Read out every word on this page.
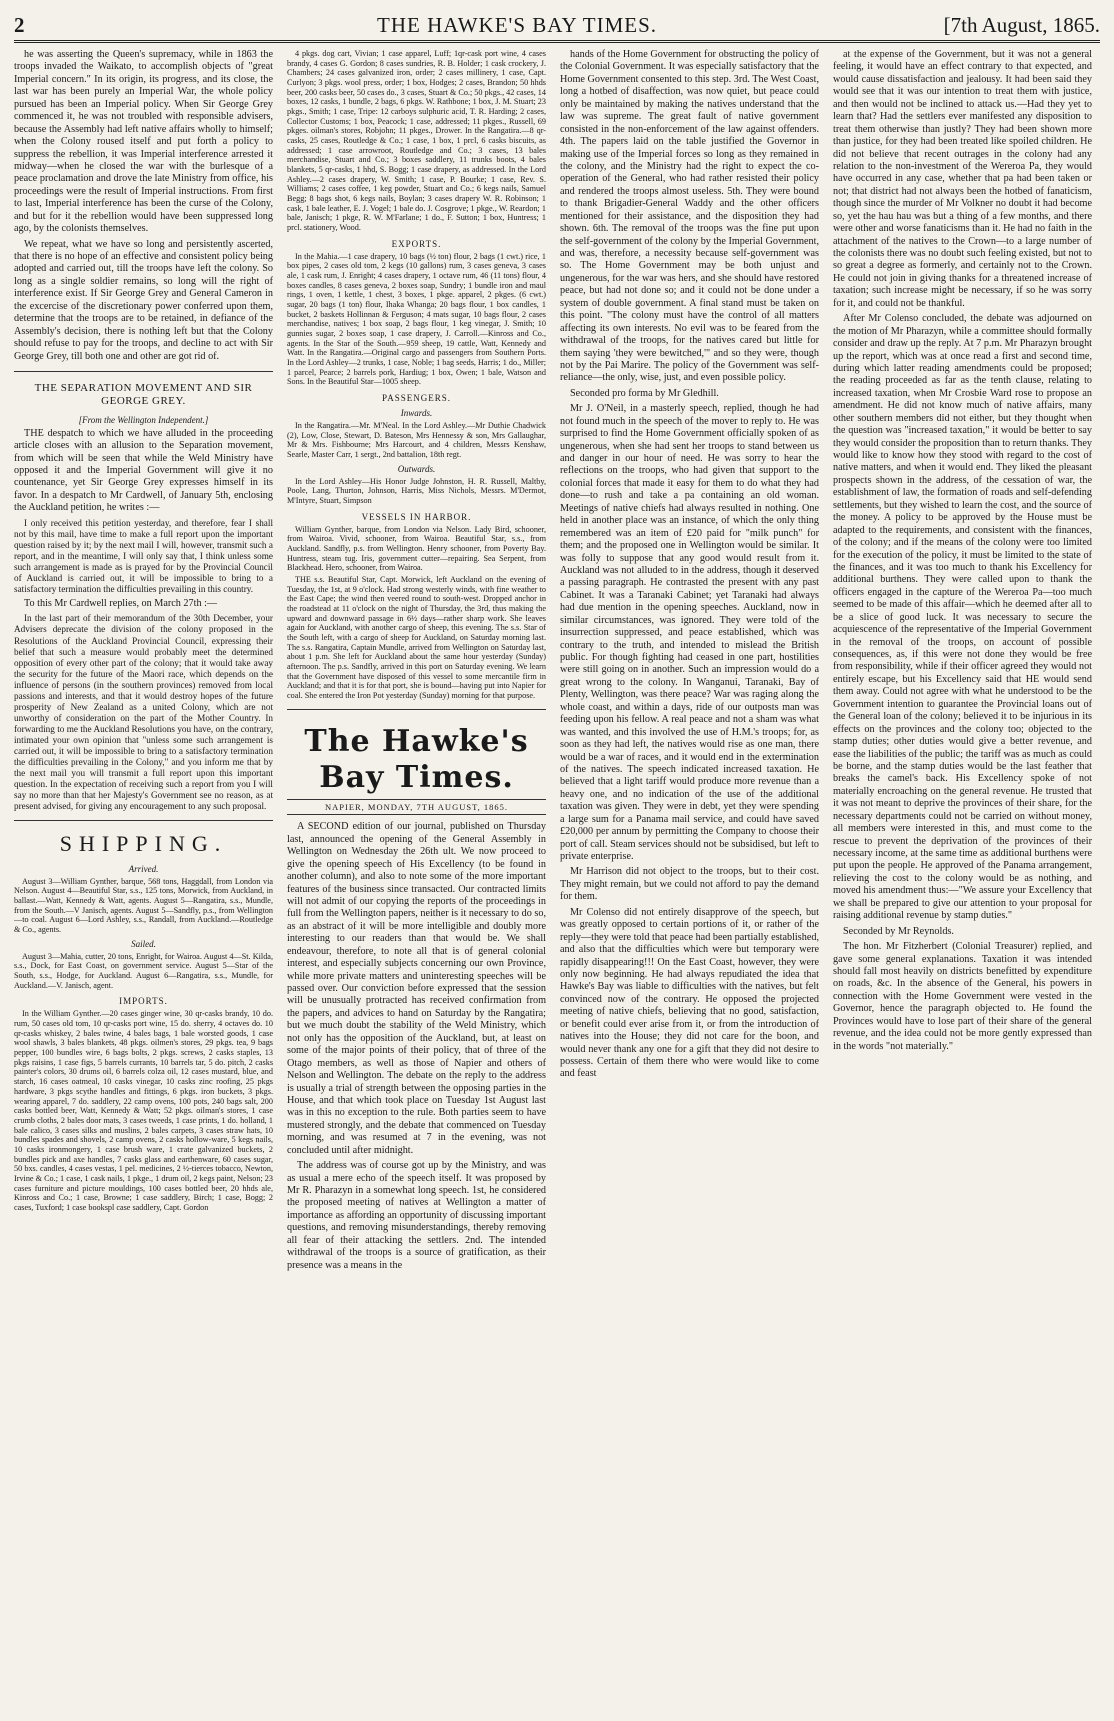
2	THE HAWKE'S BAY TIMES.	[7th August, 1865.

he was asserting the Queen's supremacy, while in 1863 the troops invaded the Waikato, to accomplish objects of "great Imperial concern." In its origin, its progress, and its close, the last war has been purely an Imperial War, the whole policy pursued has been an Imperial policy. When Sir George Grey commenced it, he was not troubled with responsible advisers, because the Assembly had left native affairs wholly to himself; when the Colony roused itself and put forth a policy to suppress the rebellion, it was Imperial interference arrested it midway—when he closed the war with the burlesque of a peace proclamation and drove the late Ministry from office, his proceedings were the result of Imperial instructions. From first to last, Imperial interference has been the curse of the Colony, and but for it the rebellion would have been suppressed long ago, by the colonists themselves.

We repeat, what we have so long and persistently ascerted, that there is no hope of an effective and consistent policy being adopted and carried out, till the troops have left the colony. So long as a single soldier remains, so long will the right of interference exist. If Sir George Grey and General Cameron in the excercise of the discretionary power conferred upon them, determine that the troops are to be retained, in defiance of the Assembly's decision, there is nothing left but that the Colony should refuse to pay for the troops, and decline to act with Sir George Grey, till both one and other are got rid of.

THE SEPARATION MOVEMENT AND SIR GEORGE GREY.
[From the Wellington Independent.]

THE despatch to which we have alluded in the proceeding article closes with an allusion to the Separation movement, from which will be seen that while the Weld Ministry have opposed it and the Imperial Government will give it no countenance, yet Sir George Grey expresses himself in its favor. In a despatch to Mr Cardwell, of January 5th, enclosing the Auckland petition, he writes :—

I only received this petition yesterday, and therefore, fear I shall not by this mail, have time to make a full report upon the important question raised by it; by the next mail I will, however, transmit such a report, and in the meantime, I will only say that, I think unless some such arrangement is made as is prayed for by the Provincial Council of Auckland is carried out, it will be impossible to bring to a satisfactory termination the difficulties prevailing in this country.

To this Mr Cardwell replies, on March 27th :—

In the last part of their memorandum of the 30th December, your Advisers deprecate the division of the colony proposed in the Resolutions of the Auckland Provincial Council, expressing their belief that such a measure would probably meet the determined opposition of every other part of the colony; that it would take away the security for the future of the Maori race, which depends on the influence of persons (in the southern provinces) removed from local passions and interests, and that it would destroy hopes of the future prosperity of New Zealand as a united Colony, which are not unworthy of consideration on the part of the Mother Country. In forwarding to me the Auckland Resolutions you have, on the contrary, intimated your own opinion that "unless some such arrangement is carried out, it will be impossible to bring to a satisfactory termination the difficulties prevailing in the Colony," and you inform me that by the next mail you will transmit a full report upon this important question. In the expectation of receiving such a report from you I will say no more than that her Majesty's Government see no reason, as at present advised, for giving any encouragement to any such proposal.

SHIPPING.
Arrived.

August 3—William Gynther, barque, 568 tons, Haggdall, from London via Nelson. August 4—Beautiful Star, s.s., 125 tons, Morwick, from Auckland, in ballast.—Watt, Kennedy & Watt, agents. August 5—Rangatira, s.s., Mundle, from the South.—V Janisch, agents. August 5—Sandfly, p.s., from Wellington—to coal. August 6—Lord Ashley, s.s., Randall, from Auckland.—Routledge & Co., agents.

Sailed.

August 3—Mahia, cutter, 20 tons, Enright, for Wairoa. August 4—St. Kilda, s.s., Dock, for East Coast, on government service. August 5—Star of the South, s.s., Hodge, for Auckland. August 6—Rangatira, s.s., Mundle, for Auckland.—V. Janisch, agent.

IMPORTS.

In the William Gynther.—20 cases ginger wine, 30 qr-casks brandy, 10 do. rum, 50 cases old tom, 10 qr-casks port wine, 15 do. sherry, 4 octaves do. 10 qr-casks whiskey, 2 bales twine, 4 bales bags, 1 bale worsted goods, 1 case wool shawls, 3 bales blankets, 48 pkgs. oilmen's stores, 29 pkgs. tea, 9 bags pepper, 100 bundles wire, 6 bags bolts, 2 pkgs. screws, 2 casks staples, 13 pkgs raisins, 1 case figs, 5 barrels currants, 10 barrels tar, 5 do. pitch, 2 casks painter's colors, 30 drums oil, 6 barrels colza oil, 12 cases mustard, blue, and starch, 16 cases oatmeal, 10 casks vinegar, 10 casks zinc roofing, 25 pkgs hardware, 3 pkgs scythe handles and fittings, 6 pkgs. iron buckets, 3 pkgs. wearing apparel, 7 do. saddlery, 22 camp ovens, 100 pots, 240 bags salt, 200 casks bottled beer, Watt, Kennedy & Watt; 52 pkgs. oilman's stores, 1 case crumb cloths, 2 bales door mats, 3 cases tweeds, 1 case prints, 1 do. holland, 1 bale calico, 3 cases silks and muslins, 2 bales carpets, 3 cases straw hats, 10 bundles spades and shovels, 2 camp ovens, 2 casks hollow-ware, 5 kegs nails, 10 casks ironmongery, 1 case brush ware, 1 crate galvanized buckets, 2 bundles pick and axe handles, 7 casks glass and earthenware, 60 cases sugar, 50 bxs. candles, 4 cases vestas, 1 pel. medicines, 2 ½-tierces tobacco, Newton, Irvine & Co.; 1 case, 1 cask nails, 1 pkge., 1 drum oil, 2 kegs paint, Nelson; 23 cases furniture and picture mouldings, 100 cases bottled beer, 20 hhds ale, Kinross and Co.; 1 case, Browne; 1 case saddlery, Birch; 1 case, Bogg; 2 cases, Tuxford; 1 case bookspl case saddlery, Capt. Gordon

4 pkgs. dog cart, Vivian; 1 case apparel, Luff; 1qr-cask port wine, 4 cases brandy, 4 cases G. Gordon; 8 cases sundries, R. B. Holder; 1 cask crockery, J. Chambers; 24 cases galvanized iron, order; 2 cases millinery, 1 case, Capt. Curlyon; 3 pkgs. wool press, order; 1 box, Hodges; 2 cases, Brandon; 50 hhds beer, 200 casks beer, 50 cases do., 3 cases, Stuart & Co.; 50 pkgs., 42 cases, 14 boxes, 12 casks, 1 bundle, 2 bags, 6 pkgs. W. Rathbone; 1 box, J. M. Stuart; 23 pkgs., Smith; 1 case, Tripe: 12 carboys sulphuric acid, T. R. Harding; 2 cases, Collector Customs; 1 box, Peacock; 1 case, addressed; 11 pkges., Russell, 69 pkges. oilman's stores, Robjohn; 11 pkges., Drower. In the Rangatira.—8 qr-casks, 25 cases, Routledge & Co.; 1 case, 1 box, 1 prcl, 6 casks biscuits, as addressed; 1 case arrowroot, Routledge and Co.; 3 cases, 13 bales merchandise, Stuart and Co.; 3 boxes saddlery, 11 trunks boots, 4 bales blankets, 5 qr-casks, 1 hhd, S. Bogg; 1 case drapery, as addressed. In the Lord Ashley.—2 cases drapery, W. Smith; 1 case, P. Bourke; 1 case, Rev. S. Williams; 2 cases coffee, 1 keg powder, Stuart and Co.; 6 kegs nails, Samuel Begg; 8 bags shot, 6 kegs nails, Boylan; 3 cases drapery W. R. Robinson; 1 cask, 1 bale leather, E. J. Vogel; 1 bale do. J. Cosgrove; 1 pkge., W. Reardon; 1 bale, Janisch; 1 pkge, R. W. M'Farlane; 1 do., F. Sutton; 1 box, Huntress; 1 prcl. stationery, Wood.

EXPORTS.

In the Mahia.—1 case drapery, 10 bags (½ ton) flour, 2 bags (1 cwt.) rice, 1 box pipes, 2 cases old tom, 2 kegs (10 gallons) rum, 3 cases geneva, 3 cases ale, 1 cask rum, J. Enright; 4 cases drapery, 1 octave rum, 46 (11 tons) flour, 4 boxes candles, 8 cases geneva, 2 boxes soap, Sundry; 1 bundle iron and maul rings, 1 oven, 1 kettle, 1 chest, 3 boxes, 1 pkge. apparel, 2 pkges. (6 cwt.) sugar, 20 bags (1 ton) flour, Ihaka Whanga; 20 bags flour, 1 box candles, 1 bucket, 2 baskets Hollinnan & Ferguson; 4 mats sugar, 10 bags flour, 2 cases merchandise, natives; 1 box soap, 2 bags flour, 1 keg vinegar, J. Smith; 10 gunnies sugar, 2 boxes soap, 1 case drapery, J. Carroll.—Kinross and Co., agents. In the Star of the South.—959 sheep, 19 cattle, Watt, Kennedy and Watt. In the Rangatira.—Original cargo and passengers from Southern Ports. In the Lord Ashley—2 trunks, 1 case, Noble; 1 bag seeds, Harris; 1 do., Miller; 1 parcel, Pearce; 2 barrels pork, Hardiug; 1 box, Owen; 1 bale, Watson and Sons. In the Beautiful Star—1005 sheep.

PASSENGERS.
Inwards.

In the Rangatira.—Mr. M'Neal. In the Lord Ashley.—Mr Duthie Chadwick (2), Low, Close, Stewart, D. Bateson, Mrs Hennessy & son, Mrs Gallaughar, Mr & Mrs. Fishbourne; Mrs Harcourt, and 4 children, Messrs Kenshaw, Searle, Master Carr, 1 sergt., 2nd battalion, 18th regt.

Outwards.

In the Lord Ashley—His Honor Judge Johnston, H. R. Russell, Maltby, Poole, Lang, Thurton, Johnson, Harris, Miss Nichols, Messrs. M'Dermot, M'Intyre, Stuart, Simpson

VESSELS IN HARBOR.

William Gynther, barque, from London via Nelson. Lady Bird, schooner, from Wairoa. Vivid, schooner, from Wairoa. Beautiful Star, s.s., from Auckland. Sandfly, p.s. from Wellington. Henry schooner, from Poverty Bay. Huntress, steam tug. Iris, government cutter—repairing. Sea Serpent, from Blackhead. Hero, schooner, from Wairoa.

THE s.s. Beautiful Star, Capt. Morwick, left Auckland on the evening of Tuesday, the 1st, at 9 o'clock. Had strong westerly winds, with fine weather to the East Cape; the wind then veered round to south-west. Dropped anchor in the roadstead at 11 o'clock on the night of Thursday, the 3rd, thus making the upward and downward passage in 6½ days—rather sharp work. She leaves again for Auckland, with another cargo of sheep, this evening. The s.s. Star of the South left, with a cargo of sheep for Auckland, on Saturday morning last. The s.s. Rangatira, Captain Mundle, arrived from Wellington on Saturday last, about 1 p.m. She left for Auckland about the same hour yesterday (Sunday) afternoon. The p.s. Sandfly, arrived in this port on Saturday evening. We learn that the Government have disposed of this vessel to some mercantile firm in Auckland; and that it is for that port, she is bound—having put into Napier for coal. She entered the Iron Pot yesterday (Sunday) morning for that purpose.

The Hawke's Bay Times.
NAPIER, MONDAY, 7TH AUGUST, 1865.

A SECOND edition of our journal, published on Thursday last, announced the opening of the General Assembly in Wellington on Wednesday the 26th ult. We now proceed to give the opening speech of His Excellency (to be found in another column), and also to note some of the more important features of the business since transacted. Our contracted limits will not admit of our copying the reports of the proceedings in full from the Wellington papers, neither is it necessary to do so, as an abstract of it will be more intelligible and doubly more interesting to our readers than that would be. We shall endeavour, therefore, to note all that is of general colonial interest, and especially subjects concerning our own Province, while more private matters and uninteresting speeches will be passed over. Our conviction before expressed that the session will be unusually protracted has received confirmation from the papers, and advices to hand on Saturday by the Rangatira; but we much doubt the stability of the Weld Ministry, which not only has the opposition of the Auckland, but, at least on some of the major points of their policy, that of three of the Otago members, as well as those of Napier and others of Nelson and Wellington. The debate on the reply to the address is usually a trial of strength between the opposing parties in the House, and that which took place on Tuesday 1st August last was in this no exception to the rule. Both parties seem to have mustered strongly, and the debate that commenced on Tuesday morning, and was resumed at 7 in the evening, was not concluded until after midnight.

The address was of course got up by the Ministry, and was as usual a mere echo of the speech itself. It was proposed by Mr R. Pharazyn in a somewhat long speech. 1st, he considered the proposed meeting of natives at Wellington a matter of importance as affording an opportunity of discussing important questions, and removing misunderstandings, thereby removing all fear of their attacking the settlers. 2nd. The intended withdrawal of the troops is a source of gratification, as their presence was a means in the

hands of the Home Government for obstructing the policy of the Colonial Government. It was especially satisfactory that the Home Government consented to this step. 3rd. The West Coast, long a hotbed of disaffection, was now quiet, but peace could only be maintained by making the natives understand that the law was supreme. The great fault of native government consisted in the non-enforcement of the law against offenders. 4th. The papers laid on the table justified the Governor in making use of the Imperial forces so long as they remained in the colony, and the Ministry had the right to expect the co-operation of the General, who had rather resisted their policy and rendered the troops almost useless. 5th. They were bound to thank Brigadier-General Waddy and the other officers mentioned for their assistance, and the disposition they had shown. 6th. The removal of the troops was the fine put upon the self-government of the colony by the Imperial Government, and was, therefore, a necessity because self-government was so. The Home Government may be both unjust and ungenerous, for the war was hers, and she should have restored peace, but had not done so; and it could not be done under a system of double government. A final stand must be taken on this point. "The colony must have the control of all matters affecting its own interests. No evil was to be feared from the withdrawal of the troops, for the natives cared but little for them saying 'they were bewitched,'" and so they were, though not by the Pai Marire. The policy of the Government was self-reliance—the only, wise, just, and even possible policy.

Seconded pro forma by Mr Gledhill.

Mr J. O'Neil, in a masterly speech, replied, though he had not found much in the speech of the mover to reply to. He was surprised to find the Home Government officially spoken of as ungenerous, when she had sent her troops to stand between us and danger in our hour of need. He was sorry to hear the reflections on the troops, who had given that support to the colonial forces that made it easy for them to do what they had done—to rush and take a pa containing an old woman. Meetings of native chiefs had always resulted in nothing. One held in another place was an instance, of which the only thing remembered was an item of £20 paid for "milk punch" for them; and the proposed one in Wellington would be similar. It was folly to suppose that any good would result from it. Auckland was not alluded to in the address, though it deserved a passing paragraph. He contrasted the present with any past Cabinet. It was a Taranaki Cabinet; yet Taranaki had always had due mention in the opening speeches. Auckland, now in similar circumstances, was ignored. They were told of the insurrection suppressed, and peace established, which was contrary to the truth, and intended to mislead the British public. For though fighting had ceased in one part, hostilities were still going on in another. Such an impression would do a great wrong to the colony. In Wanganui, Taranaki, Bay of Plenty, Wellington, was there peace? War was raging along the whole coast, and within a days, ride of our outposts man was feeding upon his fellow. A real peace and not a sham was what was wanted, and this involved the use of H.M.'s troops; for, as soon as they had left, the natives would rise as one man, there would be a war of races, and it would end in the extermination of the natives. The speech indicated increased taxation. He believed that a light tariff would produce more revenue than a heavy one, and no indication of the use of the additional taxation was given. They were in debt, yet they were spending a large sum for a Panama mail service, and could have saved £20,000 per annum by permitting the Company to choose their port of call. Steam services should not be subsidised, but left to private enterprise.

Mr Harrison did not object to the troops, but to their cost. They might remain, but we could not afford to pay the demand for them.

Mr Colenso did not entirely disapprove of the speech, but was greatly opposed to certain portions of it, or rather of the reply—they were told that peace had been partially established, and also that the difficulties which were but temporary were rapidly disappearing!!! On the East Coast, however, they were only now beginning. He had always repudiated the idea that Hawke's Bay was liable to difficulties with the natives, but felt convinced now of the contrary. He opposed the projected meeting of native chiefs, believing that no good, satisfaction, or benefit could ever arise from it, or from the introduction of natives into the House; they did not care for the boon, and would never thank any one for a gift that they did not desire to possess. Certain of them there who were would like to come and feast

at the expense of the Government, but it was not a general feeling, it would have an effect contrary to that expected, and would cause dissatisfaction and jealousy. It had been said they would see that it was our intention to treat them with justice, and then would not be inclined to attack us.—Had they yet to learn that? Had the settlers ever manifested any disposition to treat them otherwise than justly? They had been shown more than justice, for they had been treated like spoiled children. He did not believe that recent outrages in the colony had any relation to the non-investment of the Wereroa Pa, they would have occurred in any case, whether that pa had been taken or not; that district had not always been the hotbed of fanaticism, though since the murder of Mr Volkner no doubt it had become so, yet the hau hau was but a thing of a few months, and there were other and worse fanaticisms than it. He had no faith in the attachment of the natives to the Crown—to a large number of the colonists there was no doubt such feeling existed, but not to so great a degree as formerly, and certainly not to the Crown. He could not join in giving thanks for a threatened increase of taxation; such increase might be necessary, if so he was sorry for it, and could not be thankful.

After Mr Colenso concluded, the debate was adjourned on the motion of Mr Pharazyn, while a committee should formally consider and draw up the reply. At 7 p.m. Mr Pharazyn brought up the report, which was at once read a first and second time, during which latter reading amendments could be proposed; the reading proceeded as far as the tenth clause, relating to increased taxation, when Mr Crosbie Ward rose to propose an amendment. He did not know much of native affairs, many other southern members did not either, but they thought when the question was "increased taxation," it would be better to say they would consider the proposition than to return thanks. They would like to know how they stood with regard to the cost of native matters, and when it would end. They liked the pleasant prospects shown in the address, of the cessation of war, the establishment of law, the formation of roads and self-defending settlements, but they wished to learn the cost, and the source of the money. A policy to be approved by the House must be adapted to the requirements, and consistent with the finances, of the colony; and if the means of the colony were too limited for the execution of the policy, it must be limited to the state of the finances, and it was too much to thank his Excellency for additional burthens. They were called upon to thank the officers engaged in the capture of the Wereroa Pa—too much seemed to be made of this affair—which he deemed after all to be a slice of good luck. It was necessary to secure the acquiescence of the representative of the Imperial Government in the removal of the troops, on account of possible consequences, as, if this were not done they would be free from responsibility, while if their officer agreed they would not entirely escape, but his Excellency said that HE would send them away. Could not agree with what he understood to be the Government intention to guarantee the Provincial loans out of the General loan of the colony; believed it to be injurious in its effects on the provinces and the colony too; objected to the stamp duties; other duties would give a better revenue, and ease the liabilities of the public; the tariff was as much as could be borne, and the stamp duties would be the last feather that breaks the camel's back. His Excellency spoke of not materially encroaching on the general revenue. He trusted that it was not meant to deprive the provinces of their share, for the necessary departments could not be carried on without money, all members were interested in this, and must come to the rescue to prevent the deprivation of the provinces of their necessary income, at the same time as additional burthens were put upon the people. He approved of the Panama arrangement, relieving the cost to the colony would be as nothing, and moved his amendment thus:—"We assure your Excellency that we shall be prepared to give our attention to your proposal for raising additional revenue by stamp duties."

Seconded by Mr Reynolds.

The hon. Mr Fitzherbert (Colonial Treasurer) replied, and gave some general explanations. Taxation it was intended should fall most heavily on districts benefitted by expenditure on roads, &c. In the absence of the General, his powers in connection with the Home Government were vested in the Governor, hence the paragraph objected to. He found the Provinces would have to lose part of their share of the general revenue, and the idea could not be more gently expressed than in the words "not materially."
